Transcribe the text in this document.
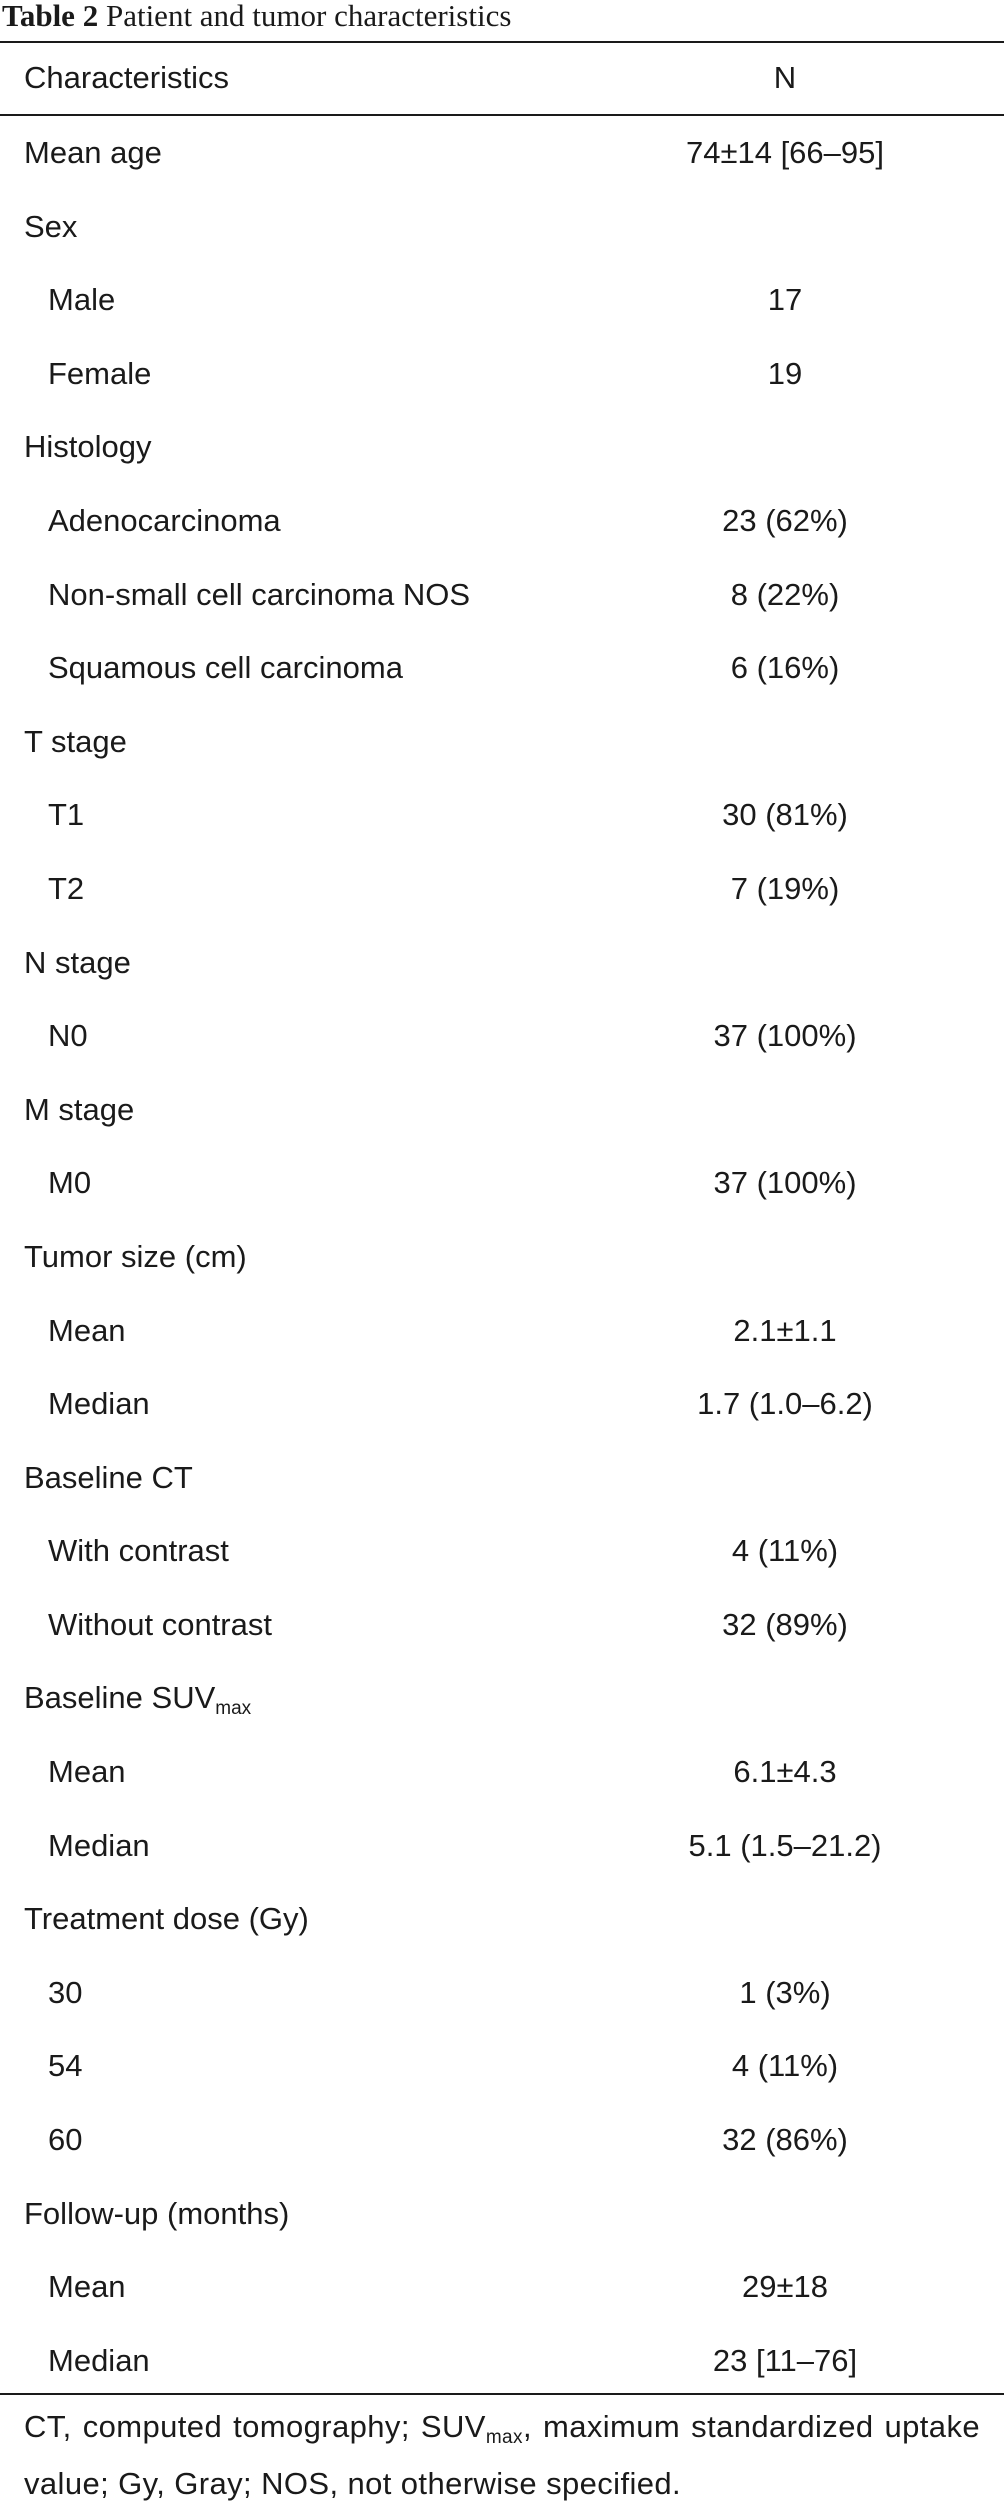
Table 2 Patient and tumor characteristics
Characteristics	N
Mean age	74±14 [66–95]
Sex
Male	17
Female	19
Histology
Adenocarcinoma	23 (62%)
Non-small cell carcinoma NOS	8 (22%)
Squamous cell carcinoma	6 (16%)
T stage
T1	30 (81%)
T2	7 (19%)
N stage
N0	37 (100%)
M stage
M0	37 (100%)
Tumor size (cm)
Mean	2.1±1.1
Median	1.7 (1.0–6.2)
Baseline CT
With contrast	4 (11%)
Without contrast	32 (89%)
Baseline $SUV_{max}$
Mean	6.1±4.3
Median	5.1 (1.5–21.2)
Treatment dose (Gy)
30	1 (3%)
54	4 (11%)
60	32 (86%)
Follow-up (months)
Mean	29±18
Median	23 [11–76]
CT, computed tomography; $SUV_{max}$, maximum standardized uptake value; Gy, Gray; NOS, not otherwise specified.
